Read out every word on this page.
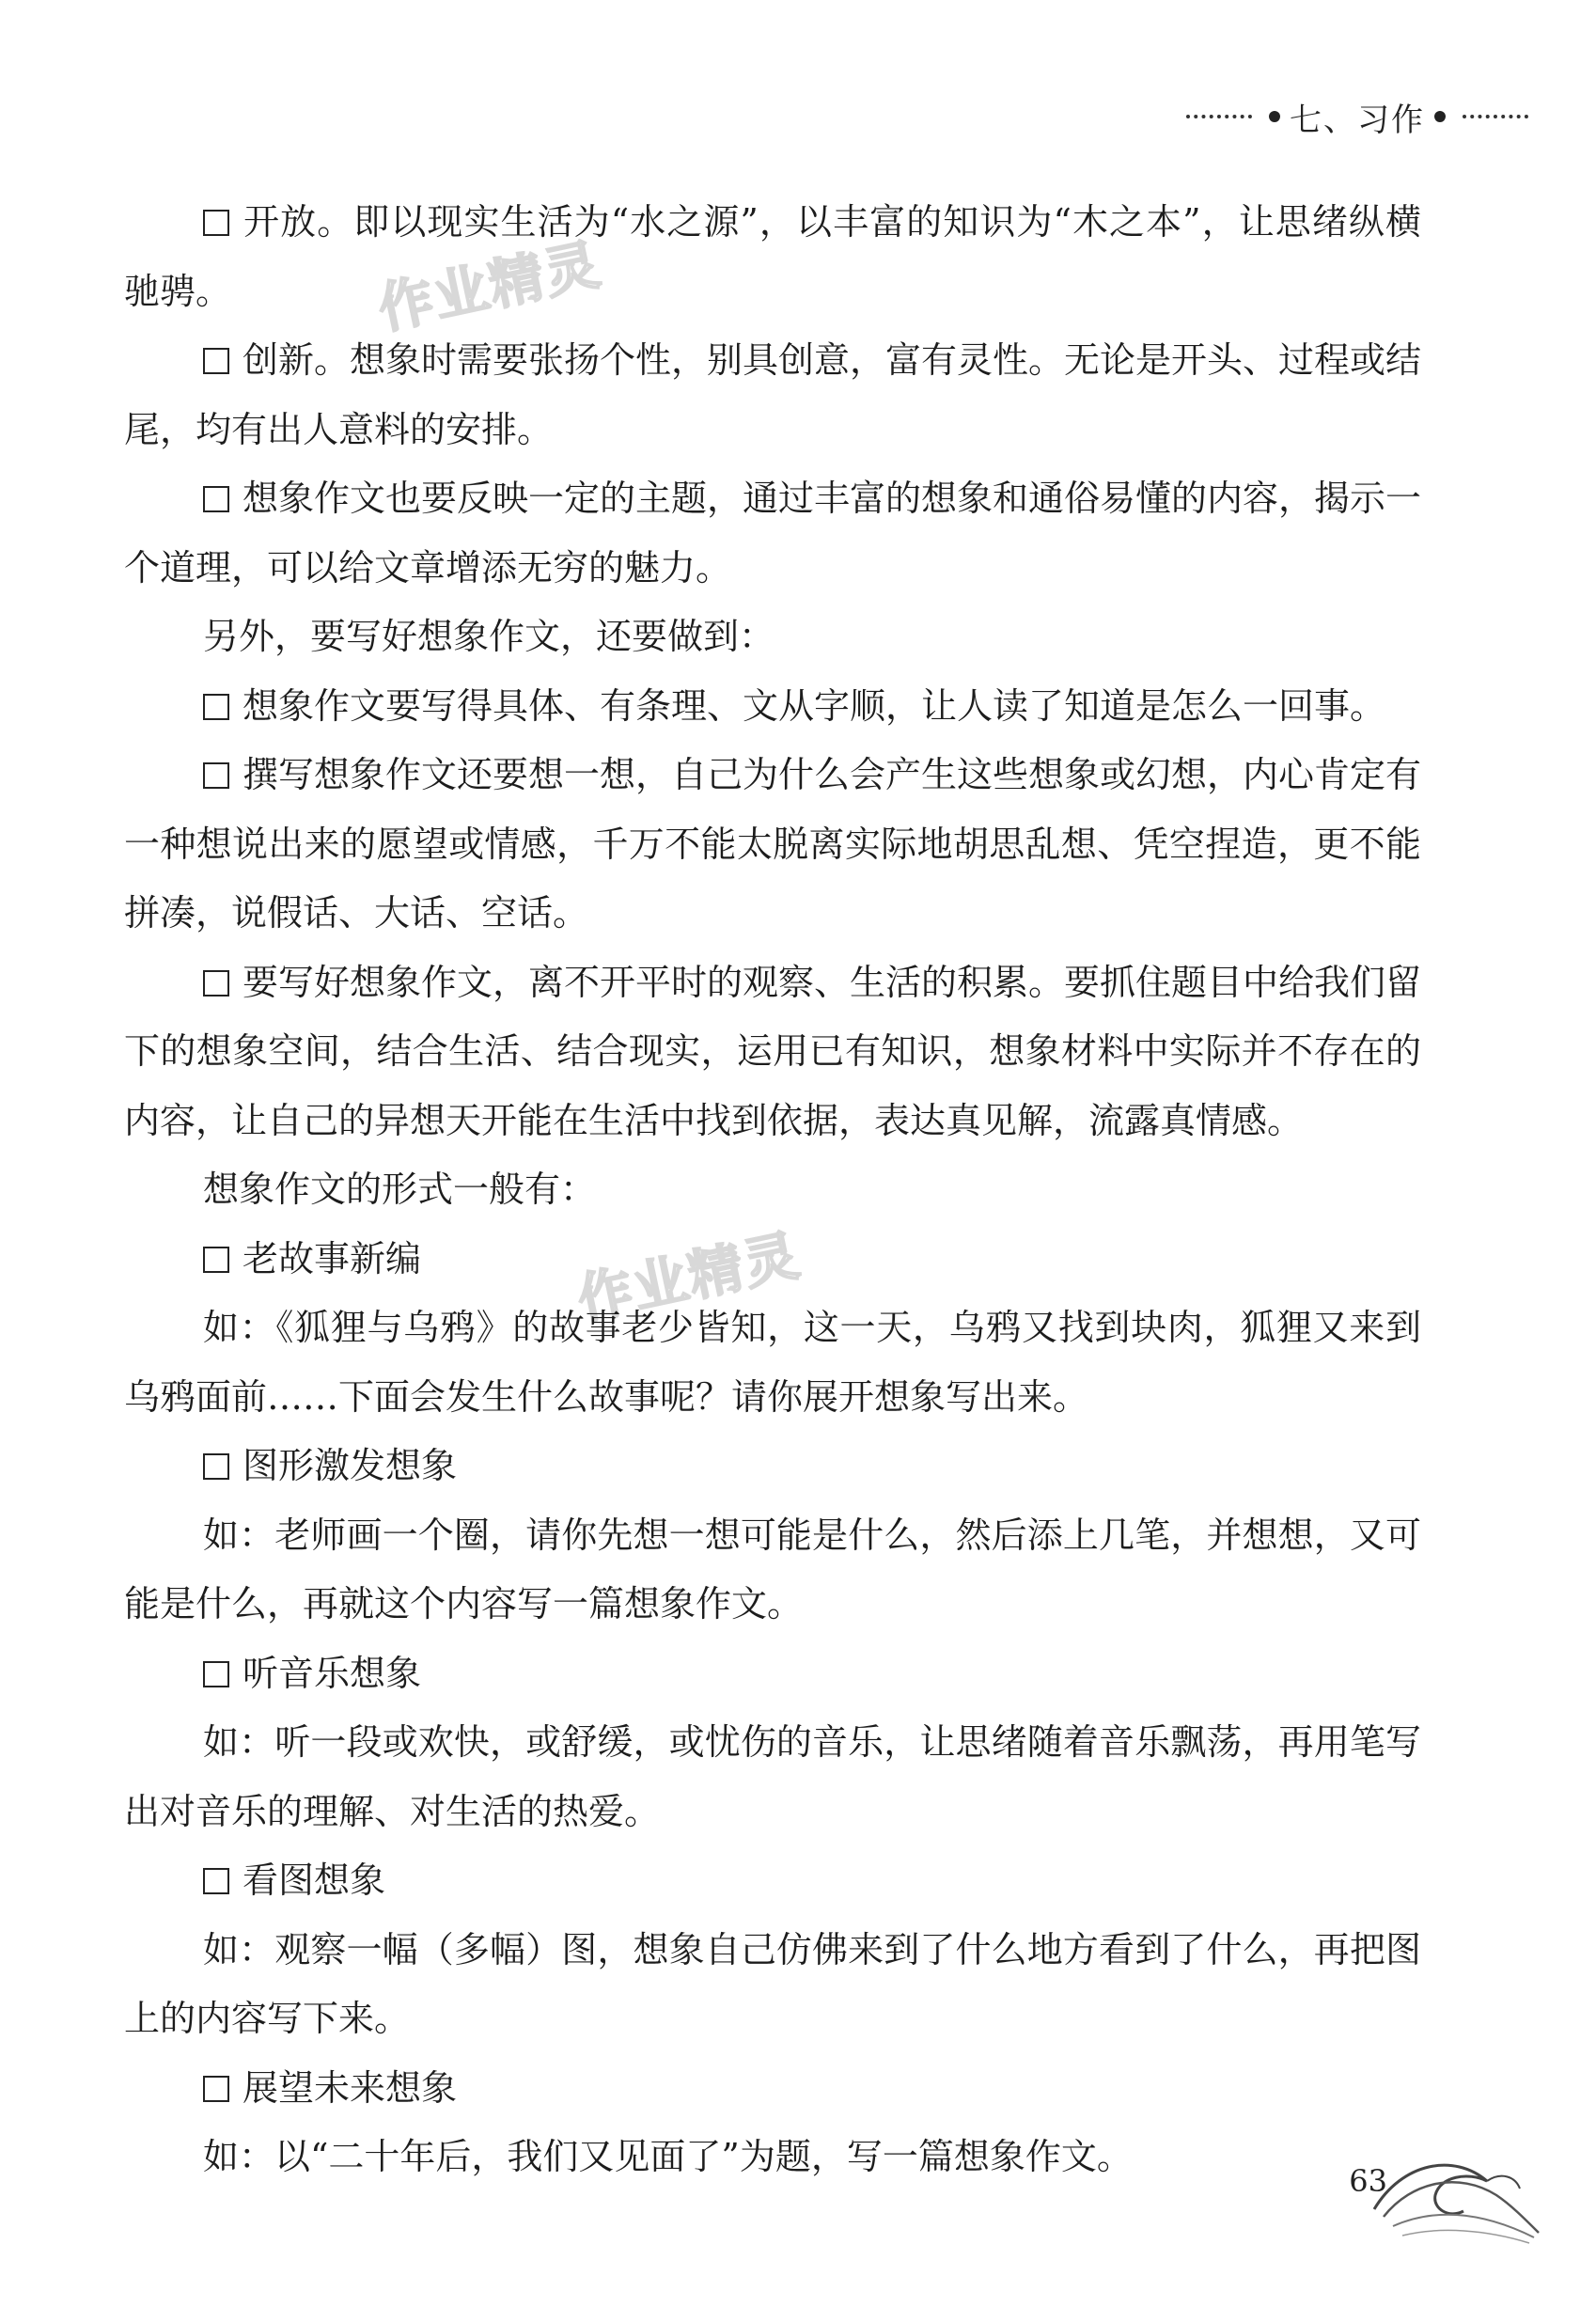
七、习作
作业精灵
作业精灵

开放。即以现实生活为“水之源”，以丰富的知识为“木之本”，让思绪纵横驰骋。

创新。想象时需要张扬个性，别具创意，富有灵性。无论是开头、过程或结尾，均有出人意料的安排。

想象作文也要反映一定的主题，通过丰富的想象和通俗易懂的内容，揭示一个道理，可以给文章增添无穷的魅力。

另外，要写好想象作文，还要做到：

想象作文要写得具体、有条理、文从字顺，让人读了知道是怎么一回事。

撰写想象作文还要想一想，自己为什么会产生这些想象或幻想，内心肯定有一种想说出来的愿望或情感，千万不能太脱离实际地胡思乱想、凭空捏造，更不能拼凑，说假话、大话、空话。

要写好想象作文，离不开平时的观察、生活的积累。要抓住题目中给我们留下的想象空间，结合生活、结合现实，运用已有知识，想象材料中实际并不存在的内容，让自己的异想天开能在生活中找到依据，表达真见解，流露真情感。

想象作文的形式一般有：

老故事新编

如：《狐狸与乌鸦》的故事老少皆知，这一天，乌鸦又找到块肉，狐狸又来到乌鸦面前……下面会发生什么故事呢？请你展开想象写出来。

图形激发想象

如：老师画一个圈，请你先想一想可能是什么，然后添上几笔，并想想，又可能是什么，再就这个内容写一篇想象作文。

听音乐想象

如：听一段或欢快，或舒缓，或忧伤的音乐，让思绪随着音乐飘荡，再用笔写出对音乐的理解、对生活的热爱。

看图想象

如：观察一幅（多幅）图，想象自己仿佛来到了什么地方看到了什么，再把图上的内容写下来。

展望未来想象

如：以“二十年后，我们又见面了”为题，写一篇想象作文。

63
